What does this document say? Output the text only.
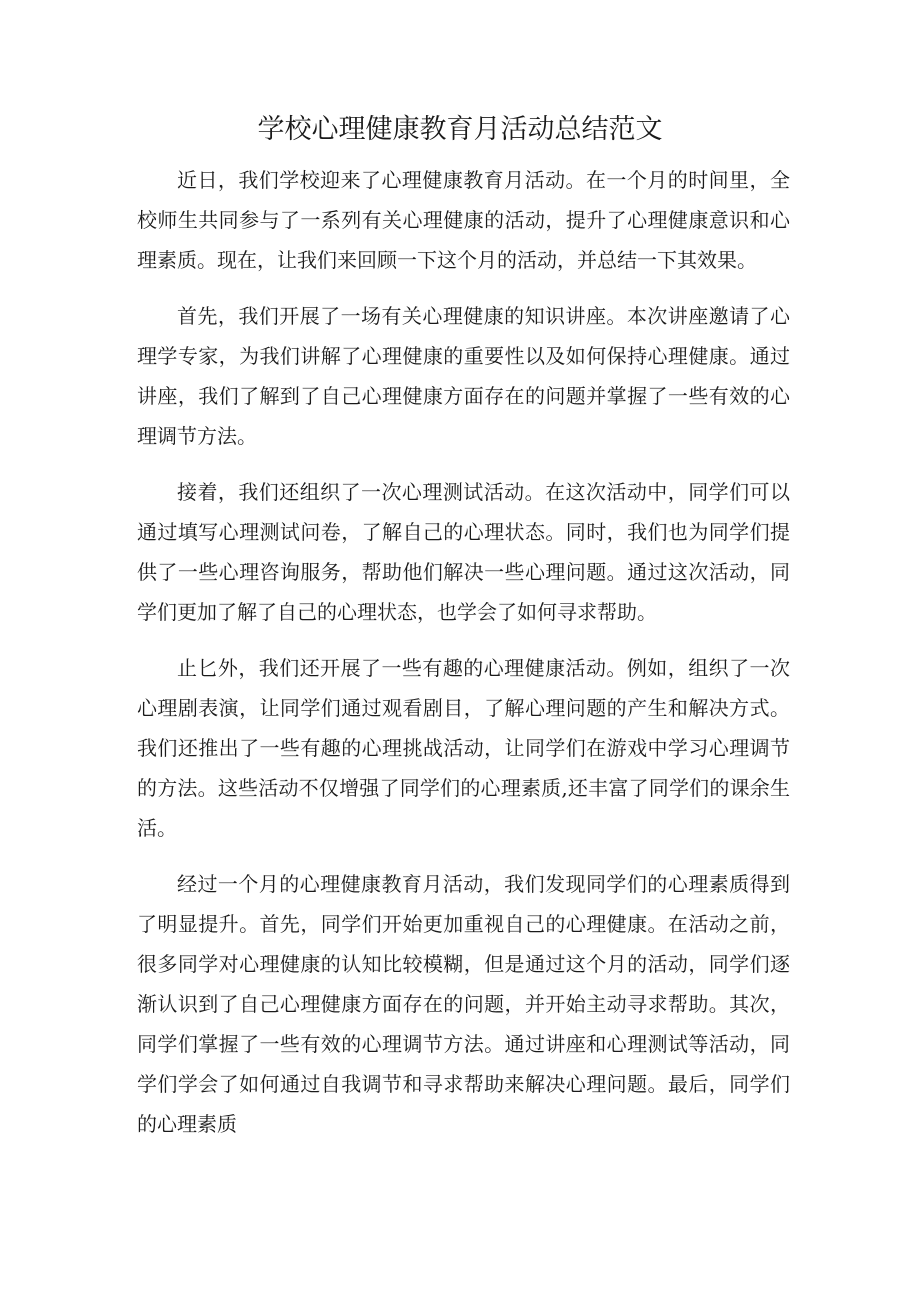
学校心理健康教育月活动总结范文

近日，我们学校迎来了心理健康教育月活动。在一个月的时间里，全校师生共同参与了一系列有关心理健康的活动，提升了心理健康意识和心理素质。现在，让我们来回顾一下这个月的活动，并总结一下其效果。

首先，我们开展了一场有关心理健康的知识讲座。本次讲座邀请了心理学专家，为我们讲解了心理健康的重要性以及如何保持心理健康。通过讲座，我们了解到了自己心理健康方面存在的问题并掌握了一些有效的心理调节方法。

接着，我们还组织了一次心理测试活动。在这次活动中，同学们可以通过填写心理测试问卷，了解自己的心理状态。同时，我们也为同学们提供了一些心理咨询服务，帮助他们解决一些心理问题。通过这次活动，同学们更加了解了自己的心理状态，也学会了如何寻求帮助。

止匕外，我们还开展了一些有趣的心理健康活动。例如，组织了一次心理剧表演，让同学们通过观看剧目，了解心理问题的产生和解决方式。我们还推出了一些有趣的心理挑战活动，让同学们在游戏中学习心理调节的方法。这些活动不仅增强了同学们的心理素质,还丰富了同学们的课余生活。

经过一个月的心理健康教育月活动，我们发现同学们的心理素质得到了明显提升。首先，同学们开始更加重视自己的心理健康。在活动之前，很多同学对心理健康的认知比较模糊，但是通过这个月的活动，同学们逐渐认识到了自己心理健康方面存在的问题，并开始主动寻求帮助。其次，同学们掌握了一些有效的心理调节方法。通过讲座和心理测试等活动，同学们学会了如何通过自我调节和寻求帮助来解决心理问题。最后，同学们的心理素质
